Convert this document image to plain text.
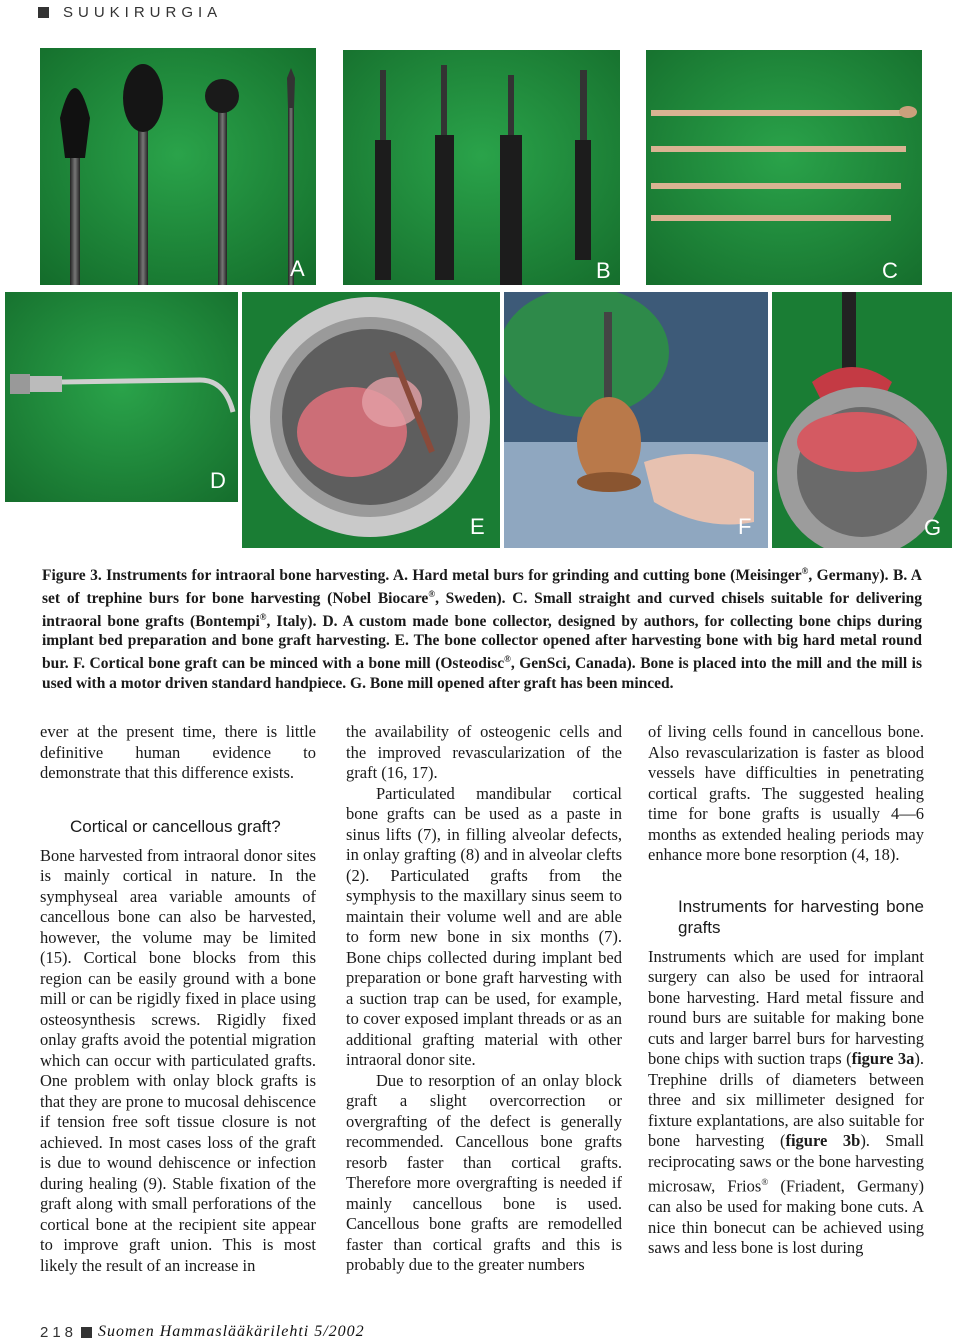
SUUKIRURGIA
A	B	C
D
E	F	G
Figure 3. Instruments for intraoral bone harvesting. A. Hard metal burs for grinding and cutting bone (Meisinger®, Germany). B. A set of trephine burs for bone harvesting (Nobel Biocare®, Sweden). C. Small straight and curved chisels suitable for delivering intraoral bone grafts (Bontempi®, Italy). D. A custom made bone collector, designed by authors, for collecting bone chips during implant bed preparation and bone graft harvesting. E. The bone collector opened after harvesting bone with big hard metal round bur. F. Cortical bone graft can be minced with a bone mill (Osteodisc®, GenSci, Canada). Bone is placed into the mill and the mill is used with a motor driven standard handpiece. G. Bone mill opened after graft has been minced.

ever at the present time, there is little definitive human evidence to demonstrate that this difference exists.

Cortical or cancellous graft?

Bone harvested from intraoral donor sites is mainly cortical in nature. In the symphyseal area variable amounts of cancellous bone can also be harvested, however, the volume may be limited (15). Cortical bone blocks from this region can be easily ground with a bone mill or can be rigidly fixed in place using osteosynthesis screws. Rigidly fixed onlay grafts avoid the potential migration which can occur with particulated grafts. One problem with onlay block grafts is that they are prone to mucosal dehiscence if tension free soft tissue closure is not achieved. In most cases loss of the graft is due to wound dehiscence or infection during healing (9). Stable fixation of the graft along with small perforations of the cortical bone at the recipient site appear to improve graft union. This is most likely the result of an increase in

the availability of osteogenic cells and the improved revascularization of the graft (16, 17).

Particulated mandibular cortical bone grafts can be used as a paste in sinus lifts (7), in filling alveolar defects, in onlay grafting (8) and in alveolar clefts (2). Particulated grafts from the symphysis to the maxillary sinus seem to maintain their volume well and are able to form new bone in six months (7). Bone chips collected during implant bed preparation or bone graft harvesting with a suction trap can be used, for example, to cover exposed implant threads or as an additional grafting material with other intraoral donor site.

Due to resorption of an onlay block graft a slight overcorrection or overgrafting of the defect is generally recommended. Cancellous bone grafts resorb faster than cortical grafts. Therefore more overgrafting is needed if mainly cancellous bone is used. Cancellous bone grafts are remodelled faster than cortical grafts and this is probably due to the greater numbers

of living cells found in cancellous bone. Also revascularization is faster as blood vessels have difficulties in penetrating cortical grafts. The suggested healing time for bone grafts is usually 4—6 months as extended healing periods may enhance more bone resorption (4, 18).

Instruments for harvesting bone grafts

Instruments which are used for implant surgery can also be used for intraoral bone harvesting. Hard metal fissure and round burs are suitable for making bone cuts and larger barrel burs for harvesting bone chips with suction traps (figure 3a). Trephine drills of diameters between three and six millimeter designed for fixture explantations, are also suitable for bone harvesting (figure 3b). Small reciprocating saws or the bone harvesting microsaw, Frios® (Friadent, Germany) can also be used for making bone cuts. A nice thin bonecut can be achieved using saws and less bone is lost during

218 Suomen Hammaslääkärilehti 5/2002
